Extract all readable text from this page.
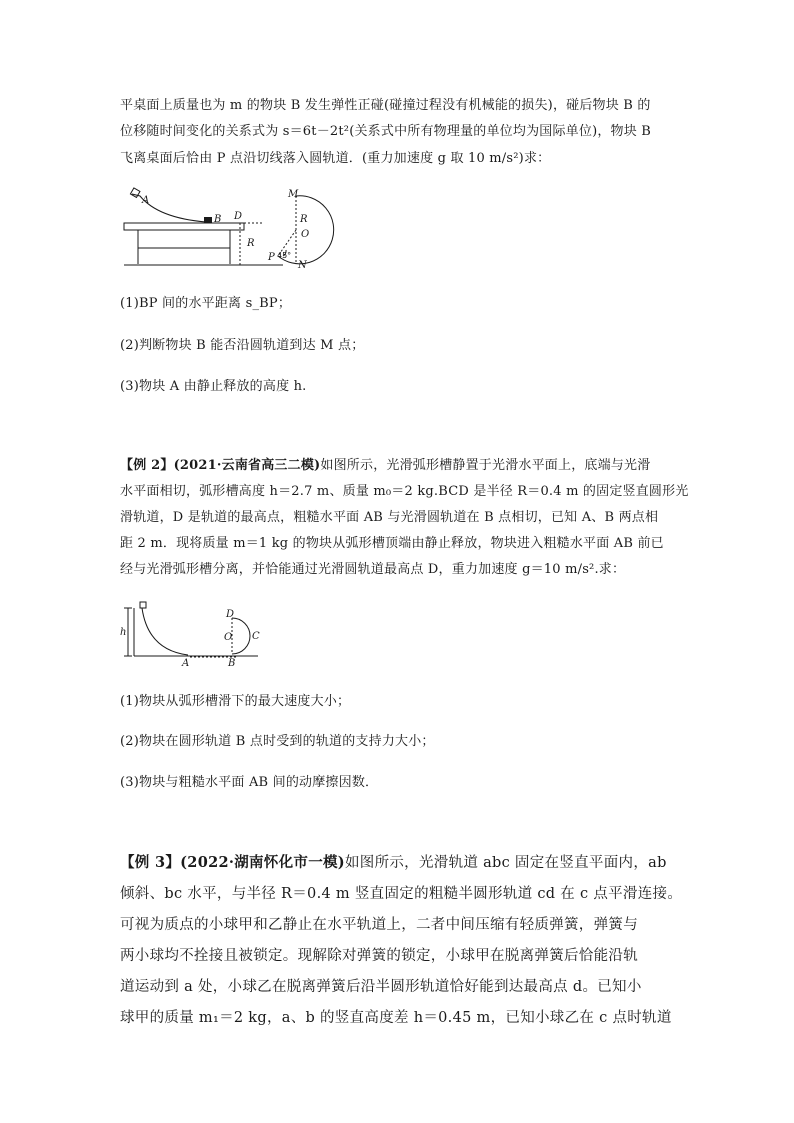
平桌面上质量也为 m 的物块 B 发生弹性正碰(碰撞过程没有机械能的损失)，碰后物块 B 的
位移随时间变化的关系式为 s＝6t－2t²(关系式中所有物理量的单位均为国际单位)，物块 B
飞离桌面后恰由 P 点沿切线落入圆轨道．(重力加速度 g 取 10 m/s²)求：
A
B D
R
M
R
O
P
N
45°
(1)BP 间的水平距离 s_BP；
(2)判断物块 B 能否沿圆轨道到达 M 点；
(3)物块 A 由静止释放的高度 h.
【例 2】(2021·云南省高三二模)如图所示，光滑弧形槽静置于光滑水平面上，底端与光滑
水平面相切，弧形槽高度 h＝2.7 m、质量 m₀＝2 kg.BCD 是半径 R＝0.4 m 的固定竖直圆形光
滑轨道，D 是轨道的最高点，粗糙水平面 AB 与光滑圆轨道在 B 点相切，已知 A、B 两点相
距 2 m．现将质量 m＝1 kg 的物块从弧形槽顶端由静止释放，物块进入粗糙水平面 AB 前已
经与光滑弧形槽分离，并恰能通过光滑圆轨道最高点 D，重力加速度 g＝10 m/s².求：
h
A	B
C
D
O
(1)物块从弧形槽滑下的最大速度大小；
(2)物块在圆形轨道 B 点时受到的轨道的支持力大小；
(3)物块与粗糙水平面 AB 间的动摩擦因数．
【例 3】(2022·湖南怀化市一模)如图所示，光滑轨道 abc 固定在竖直平面内，ab
倾斜、bc 水平，与半径 R＝0.4 m 竖直固定的粗糙半圆形轨道 cd 在 c 点平滑连接。
可视为质点的小球甲和乙静止在水平轨道上，二者中间压缩有轻质弹簧，弹簧与
两小球均不拴接且被锁定。现解除对弹簧的锁定，小球甲在脱离弹簧后恰能沿轨
道运动到 a 处，小球乙在脱离弹簧后沿半圆形轨道恰好能到达最高点 d。已知小
球甲的质量 m₁＝2 kg，a、b 的竖直高度差 h＝0.45 m，已知小球乙在 c 点时轨道
